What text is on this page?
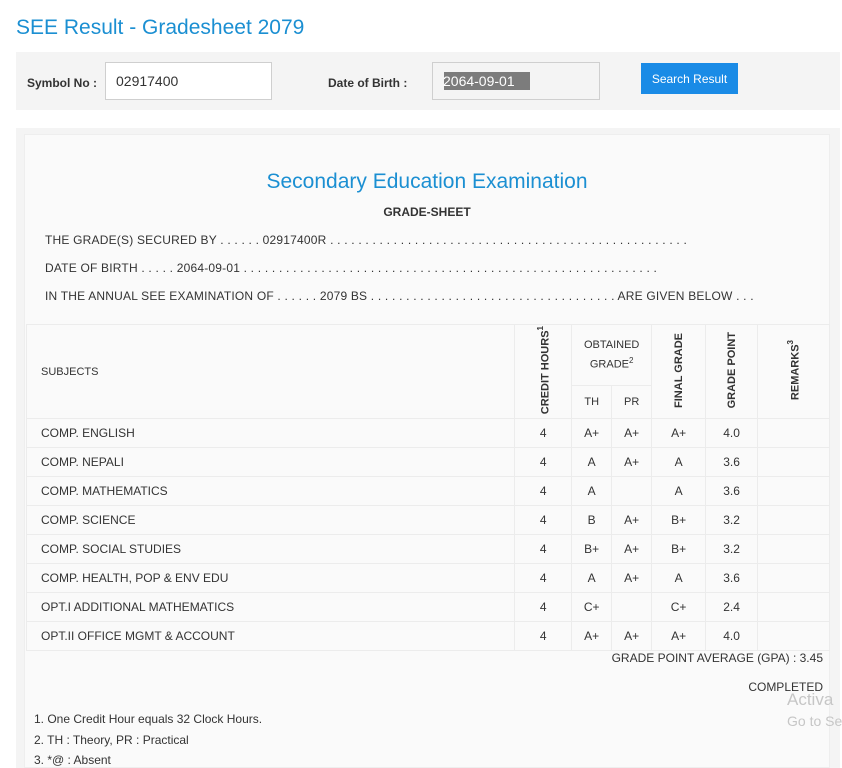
SEE Result - Gradesheet 2079
Symbol No :
02917400	Date of Birth :
2064-09-01	Search Result
Secondary Education Examination
GRADE-SHEET
THE GRADE(S) SECURED BY . . . . . . 02917400R . . . . . . . . . . . . . . . . . . . . . . . . . . . . . . . . . . . . . . . . . . . . . . . . . . .
DATE OF BIRTH . . . . . 2064-09-01 . . . . . . . . . . . . . . . . . . . . . . . . . . . . . . . . . . . . . . . . . . . . . . . . . . . . . . . . . . .
IN THE ANNUAL SEE EXAMINATION OF . . . . . . 2079 BS . . . . . . . . . . . . . . . . . . . . . . . . . . . . . . . . . . . ARE GIVEN BELOW . . .
SUBJECTS	CREDIT HOURS$^1$	OBTAINED GRADE$^2$		FINAL GRADE	GRADE POINT	REMARKS$^3$
		TH	PR			
COMP. ENGLISH	4	A+	A+	A+	4.0	
COMP. NEPALI	4	A	A+	A	3.6	
COMP. MATHEMATICS	4	A		A	3.6	
COMP. SCIENCE	4	B	A+	B+	3.2	
COMP. SOCIAL STUDIES	4	B+	A+	B+	3.2	
COMP. HEALTH, POP & ENV EDU	4	A	A+	A	3.6	
OPT.I ADDITIONAL MATHEMATICS	4	C+		C+	2.4	
OPT.II OFFICE MGMT & ACCOUNT	4	A+	A+	A+	4.0	
GRADE POINT AVERAGE (GPA) : 3.45
COMPLETED
1. One Credit Hour equals 32 Clock Hours.
2. TH : Theory, PR : Practical
3. *@ : Absent
Activa
Go to Se
